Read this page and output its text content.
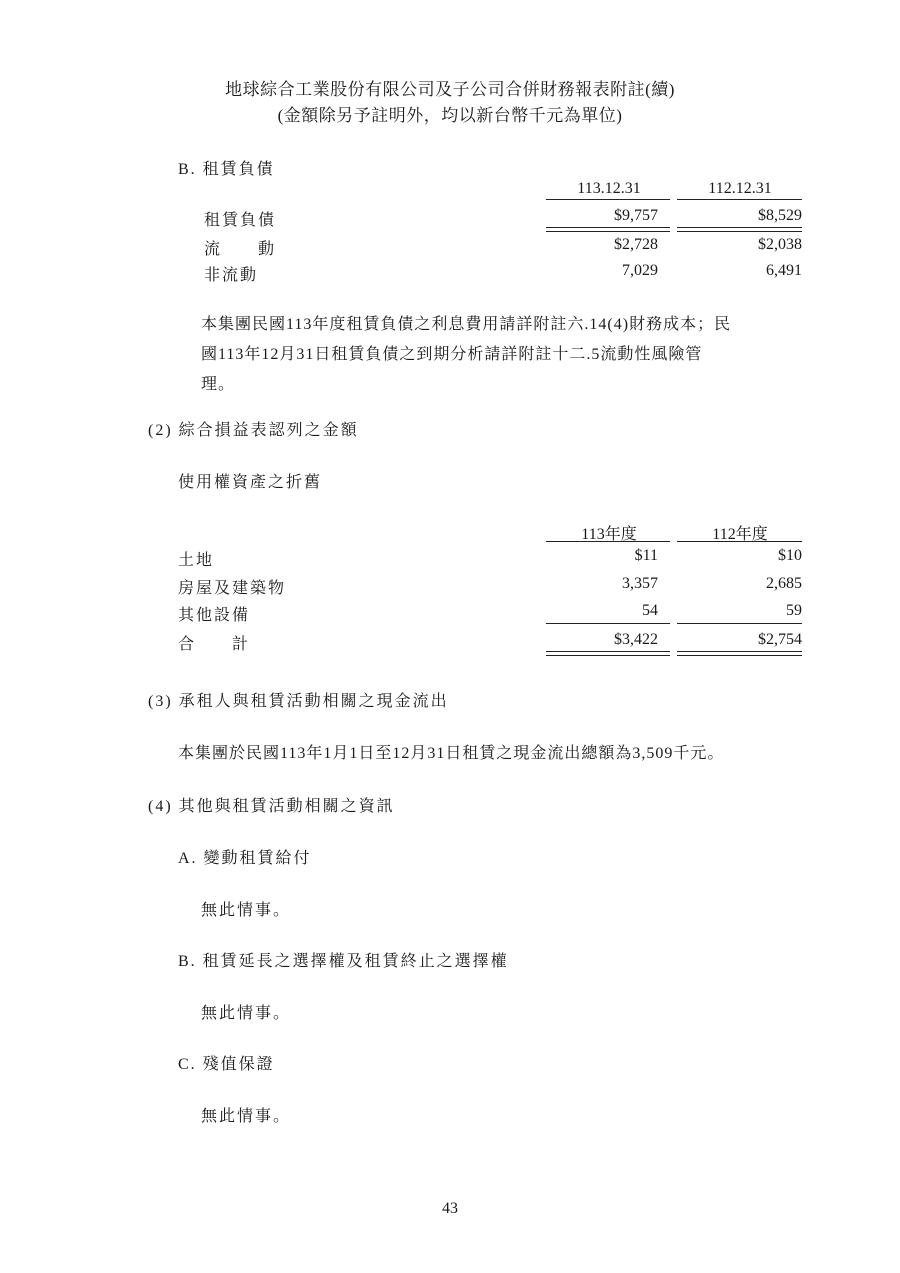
地球綜合工業股份有限公司及子公司合併財務報表附註(續)
(金額除另予註明外，均以新台幣千元為單位)
B. 租賃負債
113.12.31	112.12.31
租賃負債	$9,757	$8,529
流　　動	$2,728	$2,038
非流動	7,029	6,491
本集團民國113年度租賃負債之利息費用請詳附註六.14(4)財務成本；民
國113年12月31日租賃負債之到期分析請詳附註十二.5流動性風險管
理。
(2) 綜合損益表認列之金額
使用權資產之折舊
113年度	112年度
土地	$11	$10
房屋及建築物	3,357	2,685
其他設備	54	59
合　　計	$3,422	$2,754
(3) 承租人與租賃活動相關之現金流出
本集團於民國113年1月1日至12月31日租賃之現金流出總額為3,509千元。
(4) 其他與租賃活動相關之資訊
A. 變動租賃給付
無此情事。
B. 租賃延長之選擇權及租賃終止之選擇權
無此情事。
C. 殘值保證
無此情事。
43
